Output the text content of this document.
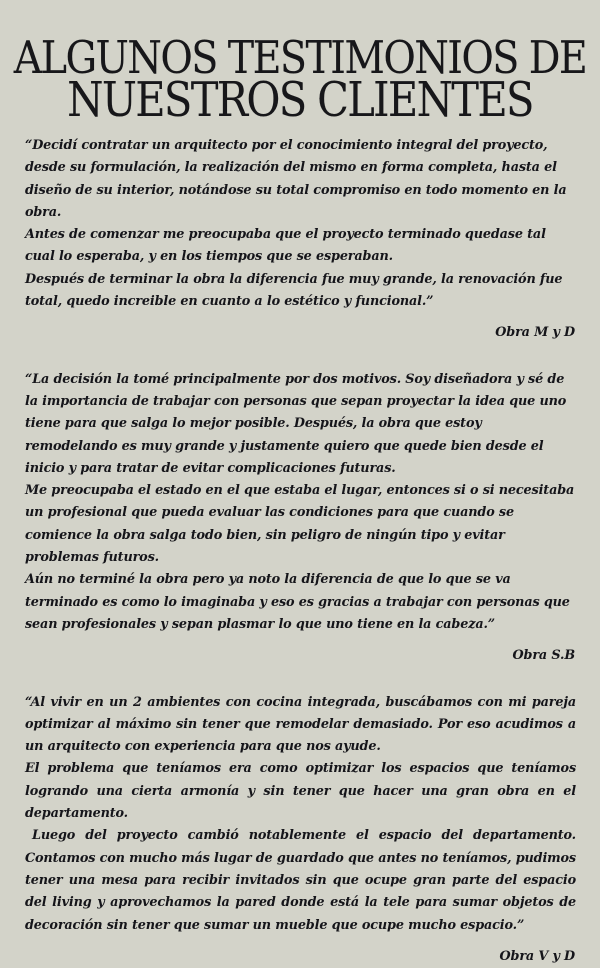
ALGUNOS TESTIMONIOS DE
NUESTROS CLIENTES

“Decidí contratar un arquitecto por el conocimiento integral del proyecto, desde su formulación, la realización del mismo en forma completa, hasta el diseño de su interior, notándose su total compromiso en todo momento en la obra.

Antes de comenzar me preocupaba que el proyecto terminado quedase tal cual lo esperaba, y en los tiempos que se esperaban.

Después de terminar la obra la diferencia fue muy grande, la renovación fue total, quedo increible en cuanto a lo estético y funcional.”

Obra M y D

“La decisión la tomé principalmente por dos motivos. Soy diseñadora y sé de la importancia de trabajar con personas que sepan proyectar la idea que uno tiene para que salga lo mejor posible. Después, la obra que estoy remodelando es muy grande y justamente quiero que quede bien desde el inicio y para tratar de evitar complicaciones futuras.

Me preocupaba el estado en el que estaba el lugar, entonces si o si necesitaba un profesional que pueda evaluar las condiciones para que cuando se comience la obra salga todo bien, sin peligro de ningún tipo y evitar problemas futuros.

Aún no terminé la obra pero ya noto la diferencia de que lo que se va terminado es como lo imaginaba y eso es gracias a trabajar con personas que sean profesionales y sepan plasmar lo que uno tiene en la cabeza.”

Obra S.B

“Al vivir en un 2 ambientes con cocina integrada, buscábamos con mi pareja optimizar al máximo sin tener que remodelar demasiado. Por eso acudimos a un arquitecto con experiencia para que nos ayude.

El problema que teníamos era como optimizar los espacios que teníamos logrando una cierta armonía y sin tener que hacer una gran obra en el departamento.

Luego del proyecto cambió notablemente el espacio del departamento. Contamos con mucho más lugar de guardado que antes no teníamos, pudimos tener una mesa para recibir invitados sin que ocupe gran parte del espacio del living y aprovechamos la pared donde está la tele para sumar objetos de decoración sin tener que sumar un mueble que ocupe mucho espacio.”

Obra V y D
